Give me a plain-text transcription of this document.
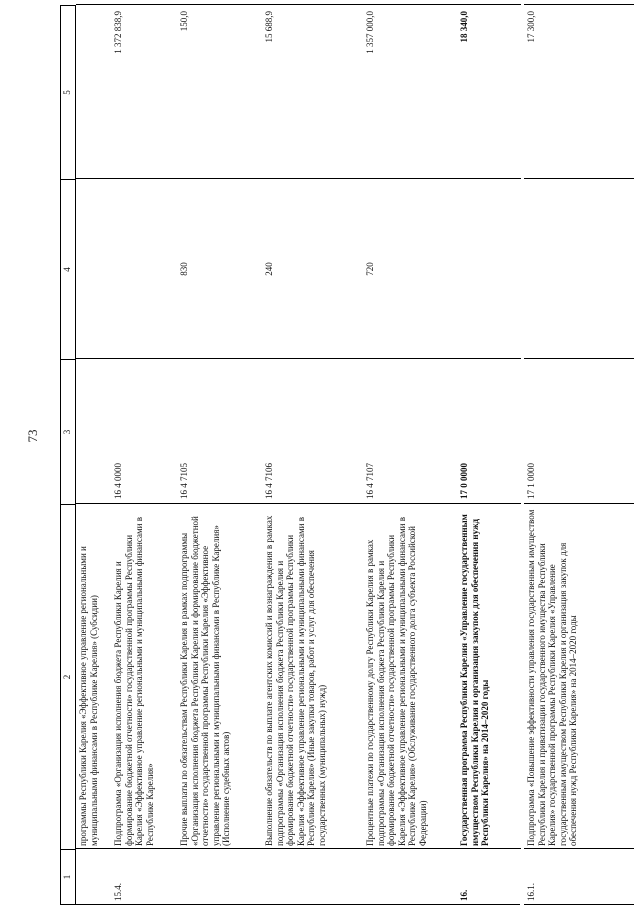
73
1
2
3
4
5
программы Республики Карелия «Эффективное управление региональными и муниципальными финансами в Республике Карелия» (Субсидии)
15.4.
Подпрограмма «Организация исполнения бюджета Республики Карелия и формирование бюджетной отчетности» государственной программы Республики Карелия «Эффективное управление региональными и муниципальными финансами в Республике Карелия»
16 4 0000
1 372 838,9
Прочие выплаты по обязательствам Республики Карелия в рамках подпрограммы «Организация исполнения бюджета Республики Карелия и формирование бюджетной отчетности» государственной программы Республики Карелия «Эффективное управление региональными и муниципальными финансами в Республике Карелия» (Исполнение судебных актов)
16 4 7105
830
150,0
Выполнение обязательств по выплате агентских комиссий и вознаграждения в рамках подпрограммы «Организация исполнения бюджета Республики Карелия и формирование бюджетной отчетности» государственной программы Республики Карелия «Эффективное управление региональными и муниципальными финансами в Республике Карелия» (Иные закупки товаров, работ и услуг для обеспечения государственных (муниципальных) нужд)
16 4 7106
240
15 688,9
Процентные платежи по государственному долгу Республики Карелия в рамках подпрограммы «Организация исполнения бюджета Республики Карелия и формирование бюджетной отчетности» государственной программы Республики Карелия «Эффективное управление региональными и муниципальными финансами в Республике Карелия» (Обслуживание государственного долга субъекта Российской Федерации)
16 4 7107
720
1 357 000,0
16.
Государственная программа Республики Карелия «Управление государственным имуществом Республики Карелия и организация закупок для обеспечения нужд Республики Карелия» на 2014–2020 годы
17 0 0000
18 340,0
16.1.
Подпрограмма «Повышение эффективности управления государственным имуществом Республики Карелия и приватизации государственного имущества Республики Карелия» государственной программы Республики Карелия «Управление государственным имуществом Республики Карелия и организация закупок для обеспечения нужд Республики Карелия» на 2014–2020 годы
17 1 0000
17 300,0
